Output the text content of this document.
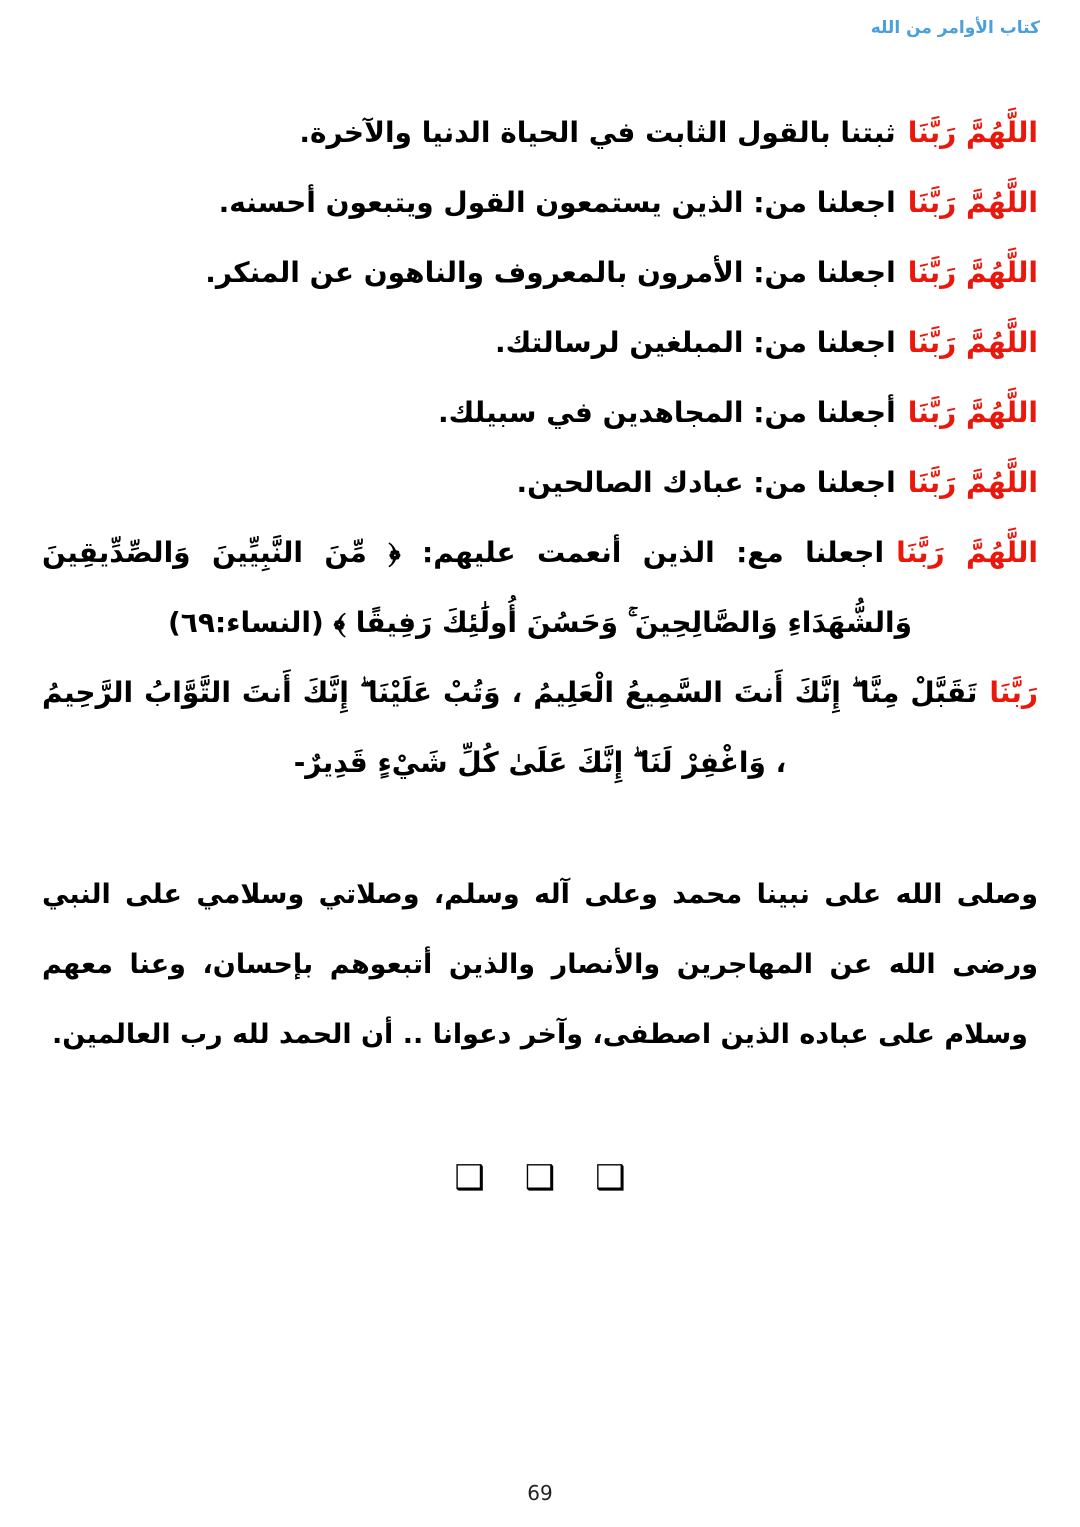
كتاب الأوامر من الله

اللَّهُمَّ رَبَّنَاثبتنا بالقول الثابت في الحياة الدنيا والآخرة.

اللَّهُمَّ رَبَّنَااجعلنا من: الذين يستمعون القول ويتبعون أحسنه.

اللَّهُمَّ رَبَّنَااجعلنا من: الأمرون بالمعروف والناهون عن المنكر.

اللَّهُمَّ رَبَّنَااجعلنا من: المبلغين لرسالتك.

اللَّهُمَّ رَبَّنَاأجعلنا من: المجاهدين في سبيلك.

اللَّهُمَّ رَبَّنَااجعلنا من: عبادك الصالحين.

اللَّهُمَّ رَبَّنَااجعلنا مع: الذين أنعمت عليهم: ﴿ مِّنَ النَّبِيِّينَ وَالصِّدِّيقِينَ وَالشُّهَدَاءِ وَالصَّالِحِينَ ۚ وَحَسُنَ أُولَٰئِكَ رَفِيقًا ﴾ (النساء:٦٩)

رَبَّنَاتَقَبَّلْ مِنَّا ۖ إِنَّكَ أَنتَ السَّمِيعُ الْعَلِيمُ ، وَتُبْ عَلَيْنَا ۖ إِنَّكَ أَنتَ التَّوَّابُ الرَّحِيمُ ، وَاغْفِرْ لَنَا ۖ إِنَّكَ عَلَىٰ كُلِّ شَيْءٍ قَدِيرٌ-

وصلى الله على نبينا محمد وعلى آله وسلم، وصلاتي وسلامي على النبي ورضى الله عن المهاجرين والأنصار والذين أتبعوهم بإحسان، وعنا معهم وسلام على عباده الذين اصطفى، وآخر دعوانا .. أن الحمد لله رب العالمين.

❑ ❑ ❑
69
